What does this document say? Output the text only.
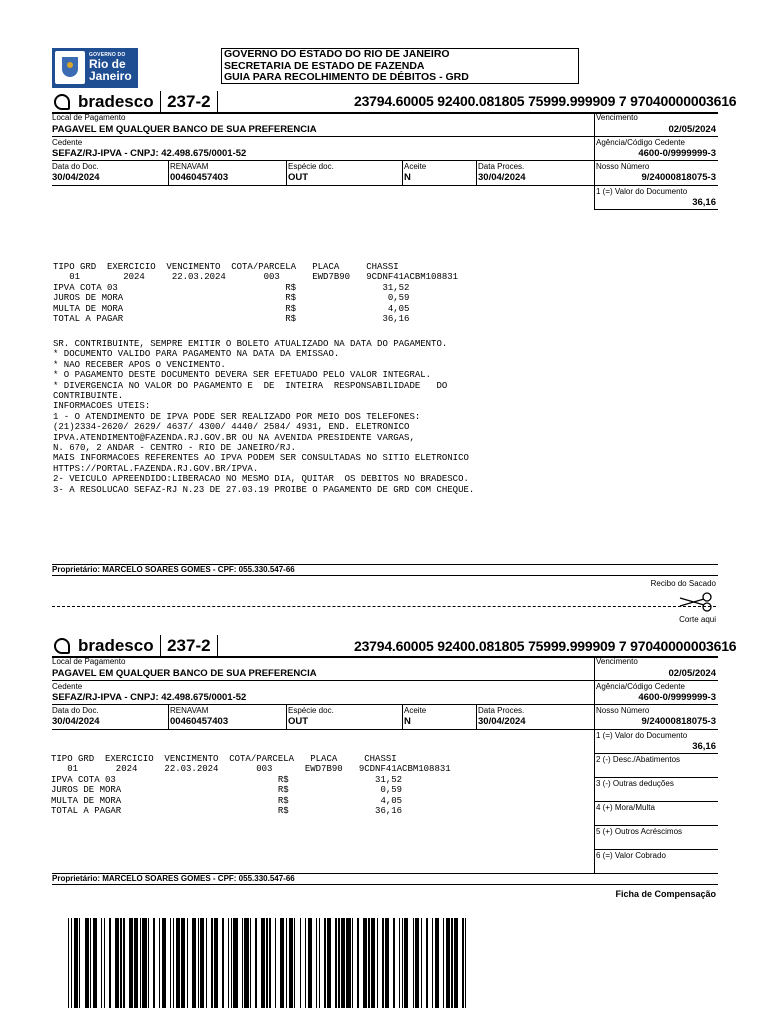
GOVERNO DO
Rio de
Janeiro
GOVERNO DO ESTADO DO RIO DE JANEIRO
SECRETARIA DE ESTADO DE FAZENDA
GUIA PARA RECOLHIMENTO DE DÉBITOS - GRD
bradesco 237-2	23794.60005 92400.081805 75999.999909 7 97040000003616
Local de Pagamento
PAGAVEL EM QUALQUER BANCO DE SUA PREFERENCIA
Vencimento
02/05/2024
Cedente
SEFAZ/RJ-IPVA - CNPJ: 42.498.675/0001-52
Agência/Código Cedente
4600-0/9999999-3
Data do Doc.
30/04/2024
RENAVAM
00460457403
Espécie doc.
OUT
Aceite
N
Data Proces.
30/04/2024
Nosso Número
9/24000818075-3
1 (=) Valor do Documento
36,16
TIPO GRD  EXERCICIO  VENCIMENTO  COTA/PARCELA   PLACA     CHASSI
01        2024     22.03.2024       003      EWD7B90   9CDNF41ACBM108831
IPVA COTA 03                               R$                31,52
JUROS DE MORA                              R$                 0,59
MULTA DE MORA                              R$                 4,05
TOTAL A PAGAR                              R$                36,16
SR. CONTRIBUINTE, SEMPRE EMITIR O BOLETO ATUALIZADO NA DATA DO PAGAMENTO.
* DOCUMENTO VALIDO PARA PAGAMENTO NA DATA DA EMISSAO.
* NAO RECEBER APOS O VENCIMENTO.
* O PAGAMENTO DESTE DOCUMENTO DEVERA SER EFETUADO PELO VALOR INTEGRAL.
* DIVERGENCIA NO VALOR DO PAGAMENTO E  DE  INTEIRA  RESPONSABILIDADE   DO
CONTRIBUINTE.
INFORMACOES UTEIS:
1 - O ATENDIMENTO DE IPVA PODE SER REALIZADO POR MEIO DOS TELEFONES:
(21)2334-2620/ 2629/ 4637/ 4300/ 4440/ 2584/ 4931, END. ELETRONICO
IPVA.ATENDIMENTO@FAZENDA.RJ.GOV.BR OU NA AVENIDA PRESIDENTE VARGAS,
N. 670, 2 ANDAR - CENTRO - RIO DE JANEIRO/RJ.
MAIS INFORMACOES REFERENTES AO IPVA PODEM SER CONSULTADAS NO SITIO ELETRONICO
HTTPS://PORTAL.FAZENDA.RJ.GOV.BR/IPVA.
2- VEICULO APREENDIDO:LIBERACAO NO MESMO DIA, QUITAR  OS DEBITOS NO BRADESCO.
3- A RESOLUCAO SEFAZ-RJ N.23 DE 27.03.19 PROIBE O PAGAMENTO DE GRD COM CHEQUE.
Proprietário: MARCELO SOARES GOMES - CPF: 055.330.547-66
Recibo do Sacado
Corte aqui
bradesco 237-2	23794.60005 92400.081805 75999.999909 7 97040000003616
Local de Pagamento
PAGAVEL EM QUALQUER BANCO DE SUA PREFERENCIA
Vencimento
02/05/2024
Cedente
SEFAZ/RJ-IPVA - CNPJ: 42.498.675/0001-52
Agência/Código Cedente
4600-0/9999999-3
Data do Doc.
30/04/2024
RENAVAM
00460457403
Espécie doc.
OUT
Aceite
N
Data Proces.
30/04/2024
Nosso Número
9/24000818075-3
1 (=) Valor do Documento
36,16
2 (-) Desc./Abatimentos
3 (-) Outras deduções
4 (+) Mora/Multa
5 (+) Outros Acréscimos
6 (=) Valor Cobrado
TIPO GRD  EXERCICIO  VENCIMENTO  COTA/PARCELA   PLACA     CHASSI
01       2024     22.03.2024       003      EWD7B90   9CDNF41ACBM108831
IPVA COTA 03                              R$                31,52
JUROS DE MORA                             R$                 0,59
MULTA DE MORA                             R$                 4,05
TOTAL A PAGAR                             R$                36,16
Proprietário: MARCELO SOARES GOMES - CPF: 055.330.547-66
Ficha de Compensação
